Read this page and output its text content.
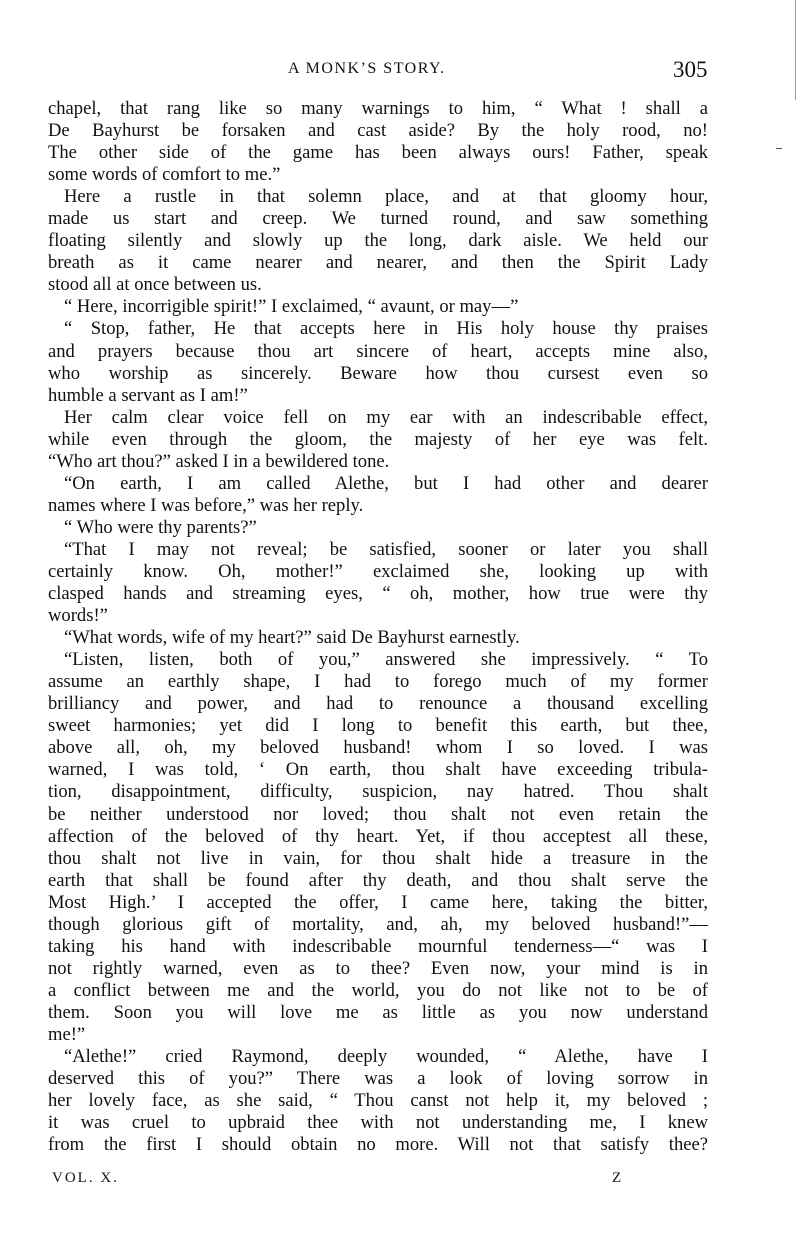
A MONK’S STORY.	305
chapel, that rang like so many warnings to him, “ What ! shall a
De Bayhurst be forsaken and cast aside? By the holy rood, no!
The other side of the game has been always ours! Father, speak
some words of comfort to me.”
Here a rustle in that solemn place, and at that gloomy hour,
made us start and creep. We turned round, and saw something
floating silently and slowly up the long, dark aisle. We held our
breath as it came nearer and nearer, and then the Spirit Lady
stood all at once between us.
“ Here, incorrigible spirit!” I exclaimed, “ avaunt, or may—”
“ Stop, father, He that accepts here in His holy house thy praises
and prayers because thou art sincere of heart, accepts mine also,
who worship as sincerely. Beware how thou cursest even so
humble a servant as I am!”
Her calm clear voice fell on my ear with an indescribable effect,
while even through the gloom, the majesty of her eye was felt.
“Who art thou?” asked I in a bewildered tone.
“On earth, I am called Alethe, but I had other and dearer
names where I was before,” was her reply.
“ Who were thy parents?”
“That I may not reveal; be satisfied, sooner or later you shall
certainly know. Oh, mother!” exclaimed she, looking up with
clasped hands and streaming eyes, “ oh, mother, how true were thy
words!”
“What words, wife of my heart?” said De Bayhurst earnestly.
“Listen, listen, both of you,” answered she impressively. “ To
assume an earthly shape, I had to forego much of my former
brilliancy and power, and had to renounce a thousand excelling
sweet harmonies; yet did I long to benefit this earth, but thee,
above all, oh, my beloved husband! whom I so loved. I was
warned, I was told, ‘ On earth, thou shalt have exceeding tribula-
tion, disappointment, difficulty, suspicion, nay hatred. Thou shalt
be neither understood nor loved; thou shalt not even retain the
affection of the beloved of thy heart. Yet, if thou acceptest all these,
thou shalt not live in vain, for thou shalt hide a treasure in the
earth that shall be found after thy death, and thou shalt serve the
Most High.’ I accepted the offer, I came here, taking the bitter,
though glorious gift of mortality, and, ah, my beloved husband!”—
taking his hand with indescribable mournful tenderness—“ was I
not rightly warned, even as to thee? Even now, your mind is in
a conflict between me and the world, you do not like not to be of
them. Soon you will love me as little as you now understand
me!”
“Alethe!” cried Raymond, deeply wounded, “ Alethe, have I
deserved this of you?” There was a look of loving sorrow in
her lovely face, as she said, “ Thou canst not help it, my beloved ;
it was cruel to upbraid thee with not understanding me, I knew
from the first I should obtain no more. Will not that satisfy thee?
VOL. X.	Z
